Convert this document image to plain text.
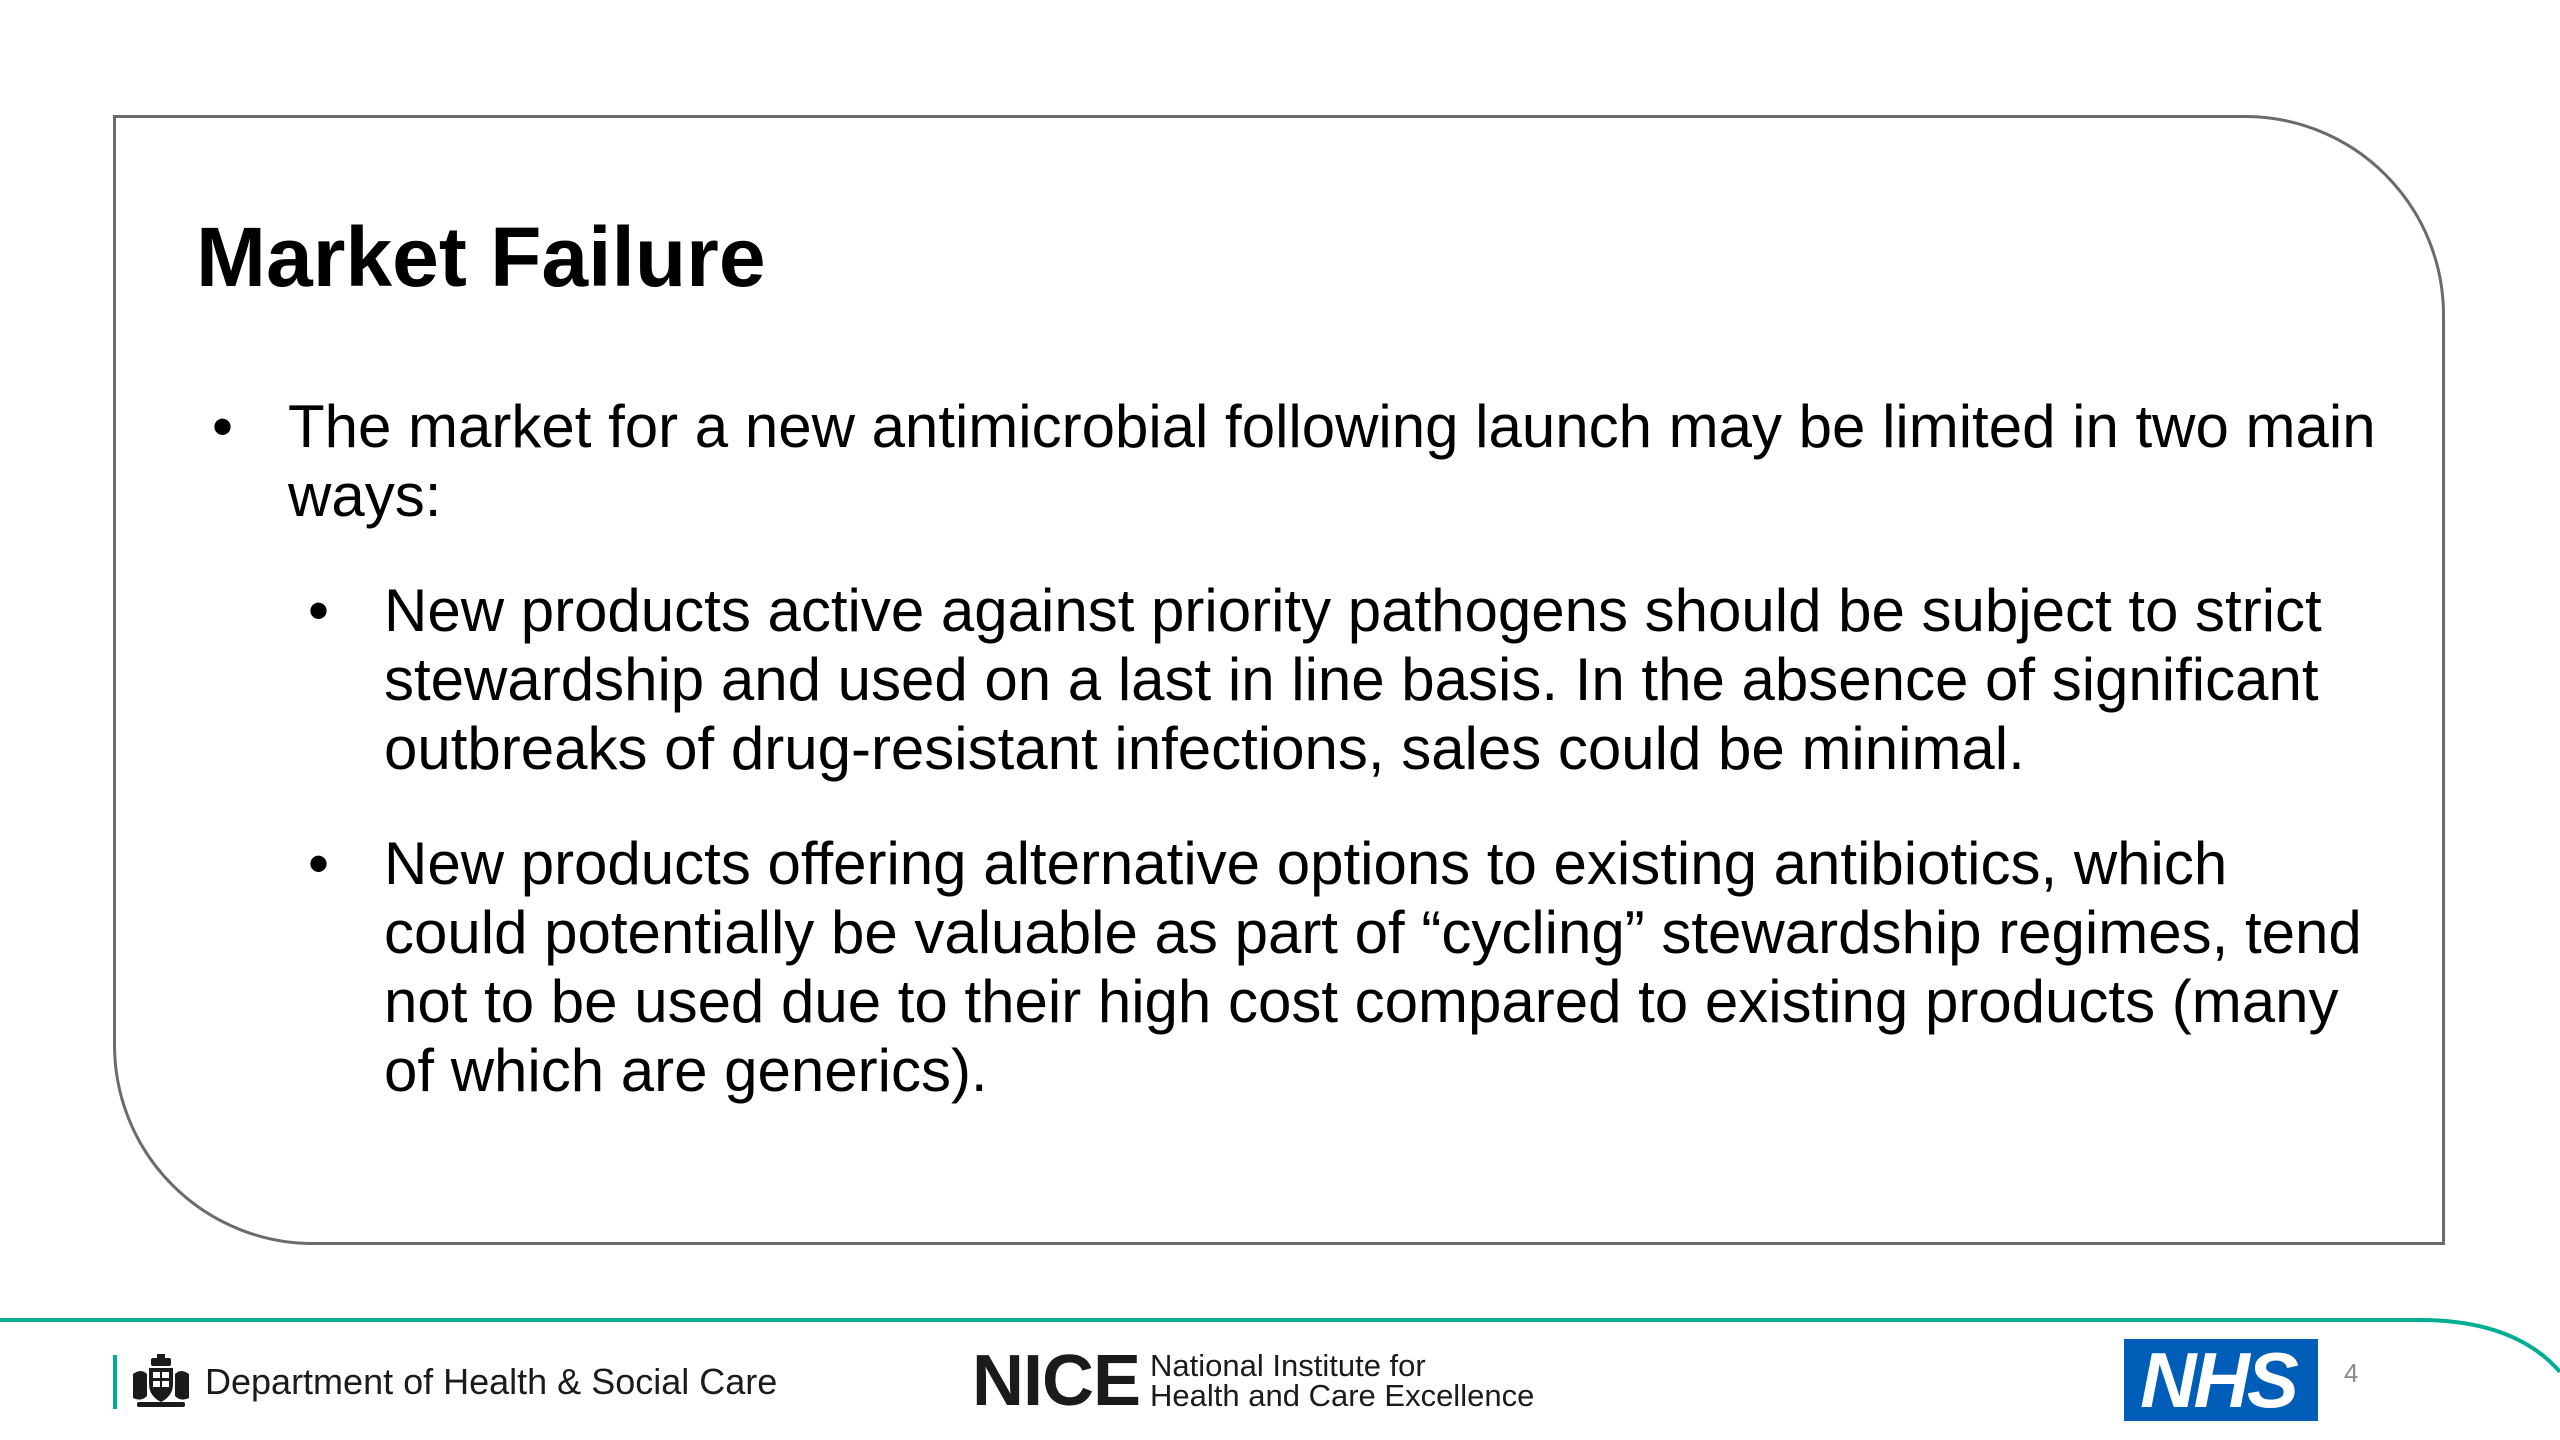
Market Failure
• The market for a new antimicrobial following launch may be limited in two main ways:
• New products active against priority pathogens should be subject to strict stewardship and used on a last in line basis. In the absence of significant outbreaks of drug-resistant infections, sales could be minimal.
• New products offering alternative options to existing antibiotics, which could potentially be valuable as part of “cycling” stewardship regimes, tend not to be used due to their high cost compared to existing products (many of which are generics).
Department of Health & Social Care	NICE National Institute for
Health and Care Excellence	NHS	4
